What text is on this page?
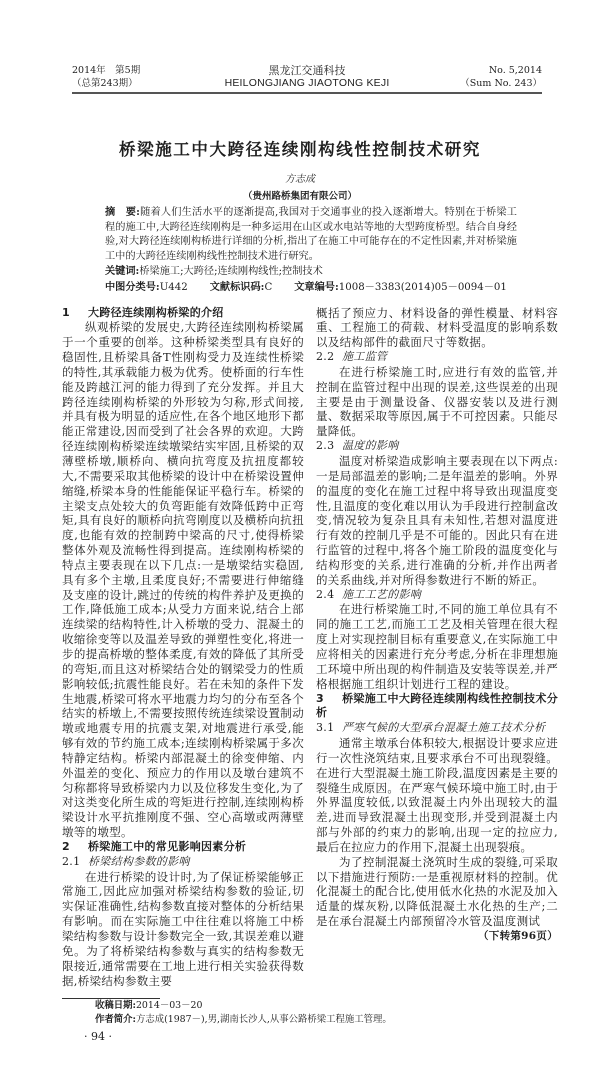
2014年　第5期
（总第243期）
黑龙江交通科技
HEILONGJIANG JIAOTONG KEJI
No. 5,2014
（Sum No. 243）
桥梁施工中大跨径连续刚构线性控制技术研究
方志成
（贵州路桥集团有限公司）
摘　要:随着人们生活水平的逐渐提高,我国对于交通事业的投入逐渐增大。特别在于桥梁工程的施工中,大跨径连续刚构是一种多运用在山区或水电站等地的大型跨度桥型。结合自身经验,对大跨径连续刚构桥进行详细的分析,指出了在施工中可能存在的不定性因素,并对桥梁施工中的大跨径连续刚构线性控制技术进行研究。
关键词:桥梁施工;大跨径;连续刚构线性;控制技术
中图分类号:U442 文献标识码:C 文章编号:1008－3383(2014)05－0094－01
1 大跨径连续刚构桥梁的介绍

纵观桥梁的发展史,大跨径连续刚构桥梁属于一个重要的创举。这种桥梁类型具有良好的稳固性,且桥梁具备T性刚构受力及连续性桥梁的特性,其承载能力极为优秀。使桥面的行车性能及跨越江河的能力得到了充分发挥。并且大跨径连续刚构桥梁的外形较为匀称,形式间接,并具有极为明显的适应性,在各个地区地形下都能正常建设,因而受到了社会各界的欢迎。大跨径连续刚构桥梁连续墩梁结实牢固,且桥梁的双薄壁桥墩,顺桥向、横向抗弯度及抗扭度都较大,不需要采取其他桥梁的设计中在桥梁设置伸缩缝,桥梁本身的性能能保证平稳行车。桥梁的主梁支点处较大的负弯距能有效降低跨中正弯矩,具有良好的顺桥向抗弯刚度以及横桥向抗扭度,也能有效的控制跨中梁高的尺寸,使得桥梁整体外观及流畅性得到提高。连续刚构桥梁的特点主要表现在以下几点:一是墩梁结实稳固,具有多个主墩,且柔度良好;不需要进行伸缩缝及支座的设计,跳过的传统的构件养护及更换的工作,降低施工成本;从受力方面来说,结合上部连续梁的结构特性,计入桥墩的受力、混凝土的收缩徐变等以及温差导致的弹塑性变化,将进一步的提高桥墩的整体柔度,有效的降低了其所受的弯矩,而且这对桥梁结合处的钢梁受力的性质影响较低;抗震性能良好。若在未知的条件下发生地震,桥梁可将水平地震力均匀的分布至各个结实的桥墩上,不需要按照传统连续梁设置制动墩或地震专用的抗震支架,对地震进行承受,能够有效的节约施工成本;连续刚构桥梁属于多次特静定结构。桥梁内部混凝土的徐变伸缩、内外温差的变化、预应力的作用以及墩台建筑不匀称都将导致桥梁内力以及位移发生变化,为了对这类变化所生成的弯矩进行控制,连续刚构桥梁设计水平抗推刚度不强、空心高墩或两薄壁墩等的墩型。

2 桥梁施工中的常见影响因素分析
2.1 桥梁结构参数的影响

在进行桥梁的设计时,为了保证桥梁能够正常施工,因此应加强对桥梁结构参数的验证,切实保证准确性,结构参数直接对整体的分析结果有影响。而在实际施工中往往难以将施工中桥梁结构参数与设计参数完全一致,其误差难以避免。为了将桥梁结构参数与真实的结构参数无限接近,通常需要在工地上进行相关实验获得数据,桥梁结构参数主要

概括了预应力、材料设备的弹性模量、材料容重、工程施工的荷载、材料受温度的影响系数以及结构部件的截面尺寸等数据。

2.2 施工监管

在进行桥梁施工时,应进行有效的监管,并控制在监管过程中出现的误差,这些误差的出现主要是由于测量设备、仪器安装以及进行测量、数据采取等原因,属于不可控因素。只能尽量降低。

2.3 温度的影响

温度对桥梁造成影响主要表现在以下两点:一是局部温差的影响;二是年温差的影响。外界的温度的变化在施工过程中将导致出现温度变性,且温度的变化难以用认为手段进行控制盒改变,情况较为复杂且具有未知性,若想对温度进行有效的控制几乎是不可能的。因此只有在进行监管的过程中,将各个施工阶段的温度变化与结构形变的关系,进行准确的分析,并作出两者的关系曲线,并对所得参数进行不断的矫正。

2.4 施工工艺的影响

在进行桥梁施工时,不同的施工单位具有不同的施工工艺,而施工工艺及相关管理在很大程度上对实现控制目标有重要意义,在实际施工中应将相关的因素进行充分考虑,分析在非理想施工环境中所出现的构件制造及安装等误差,并严格根据施工组织计划进行工程的建设。

3 桥梁施工中大跨径连续刚构线性控制技术分析
3.1 严寒气候的大型承台混凝土施工技术分析

通常主墩承台体积较大,根据设计要求应进行一次性浇筑结束,且要求承台不可出现裂缝。在进行大型混凝土施工阶段,温度因素是主要的裂缝生成原因。在严寒气候环境中施工时,由于外界温度较低,以致混凝土内外出现较大的温差,进而导致混凝土出现变形,并受到混凝土内部与外部的约束力的影响,出现一定的拉应力,最后在拉应力的作用下,混凝土出现裂痕。

为了控制混凝土浇筑时生成的裂缝,可采取以下措施进行预防:一是重视原材料的控制。优化混凝土的配合比,使用低水化热的水泥及加入适量的煤灰粉,以降低混凝土水化热的生产;二是在承台混凝土内部预留冷水管及温度测试

（下转第96页）
收稿日期:2014－03－20
作者简介:方志成(1987－),男,湖南长沙人,从事公路桥梁工程施工管理。
· 94 ·
